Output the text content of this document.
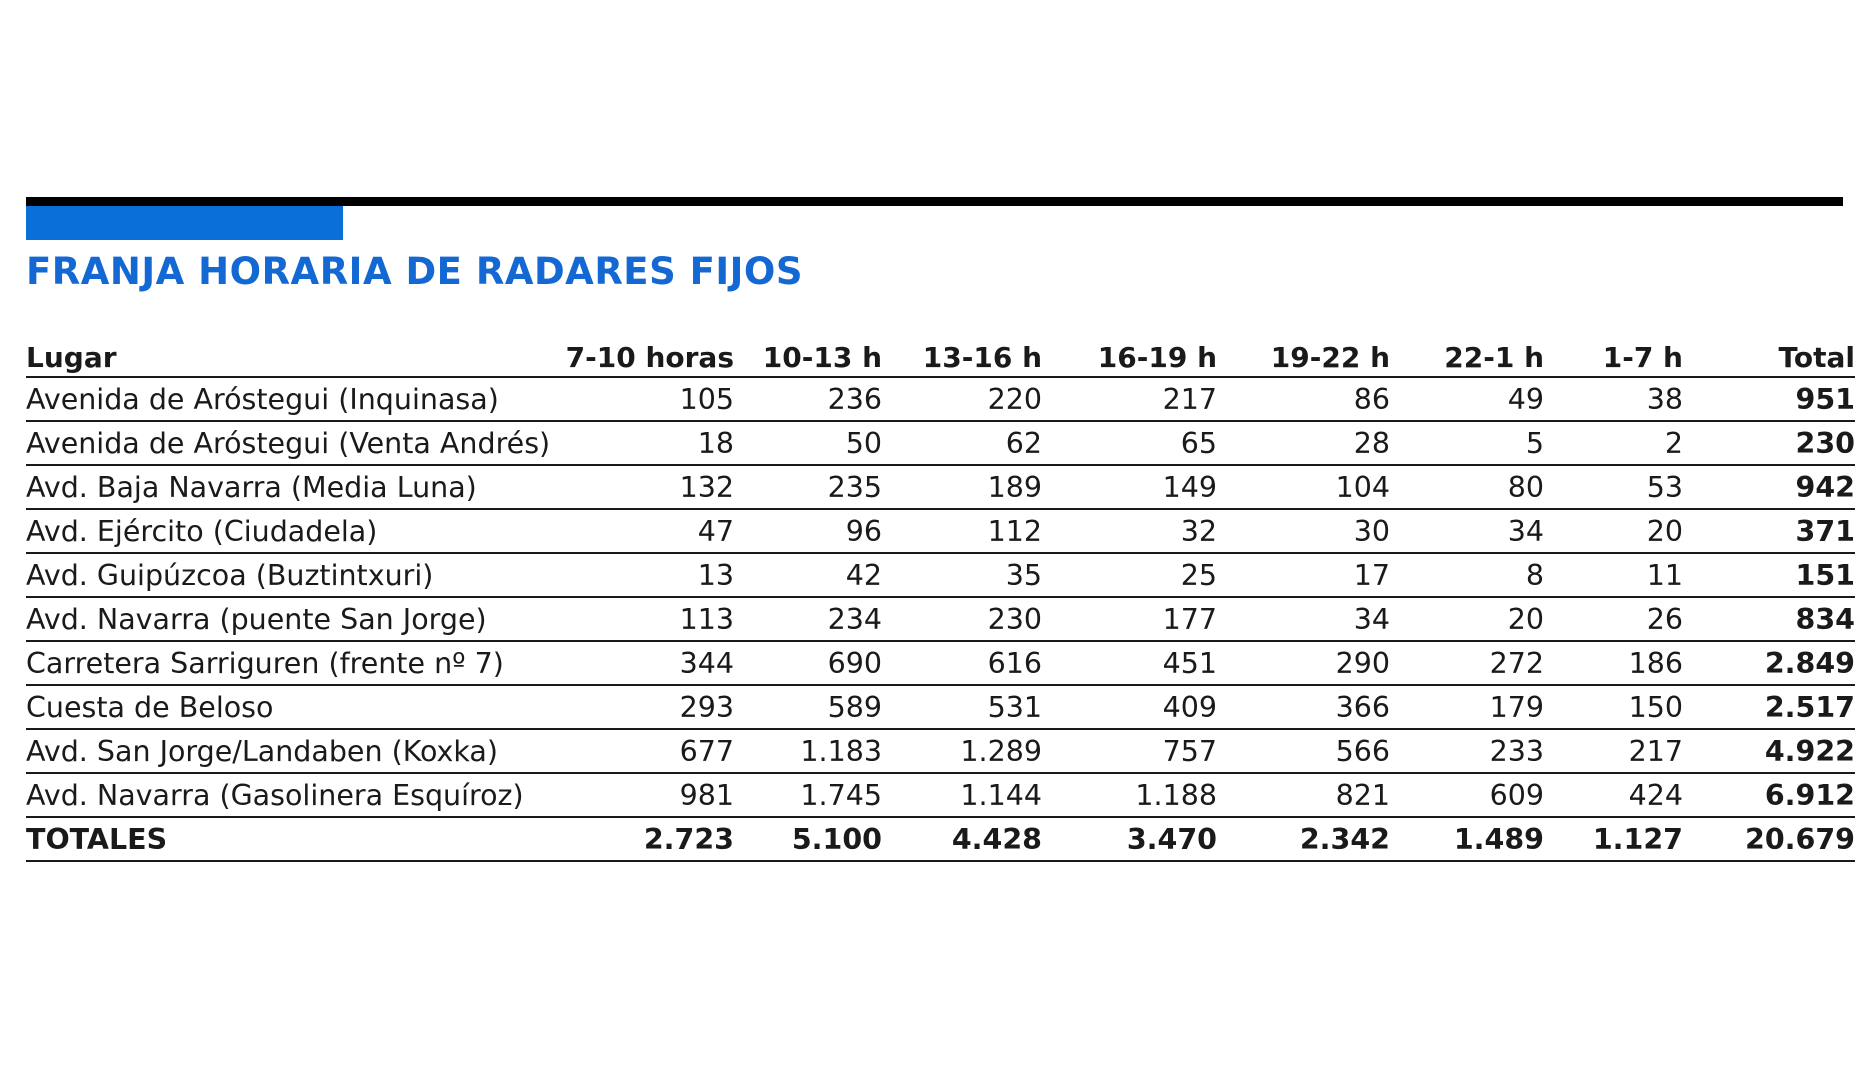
FRANJA HORARIA DE RADARES FIJOS
Lugar	7-10 horas	10-13 h	13-16 h	16-19 h	19-22 h	22-1 h	1-7 h	Total
Avenida de Aróstegui (Inquinasa)	105	236	220	217	86	49	38	951
Avenida de Aróstegui (Venta Andrés)	18	50	62	65	28	5	2	230
Avd. Baja Navarra (Media Luna)	132	235	189	149	104	80	53	942
Avd. Ejército (Ciudadela)	47	96	112	32	30	34	20	371
Avd. Guipúzcoa (Buztintxuri)	13	42	35	25	17	8	11	151
Avd. Navarra (puente San Jorge)	113	234	230	177	34	20	26	834
Carretera Sarriguren (frente nº 7)	344	690	616	451	290	272	186	2.849
Cuesta de Beloso	293	589	531	409	366	179	150	2.517
Avd. San Jorge/Landaben (Koxka)	677	1.183	1.289	757	566	233	217	4.922
Avd. Navarra (Gasolinera Esquíroz)	981	1.745	1.144	1.188	821	609	424	6.912
TOTALES	2.723	5.100	4.428	3.470	2.342	1.489	1.127	20.679
